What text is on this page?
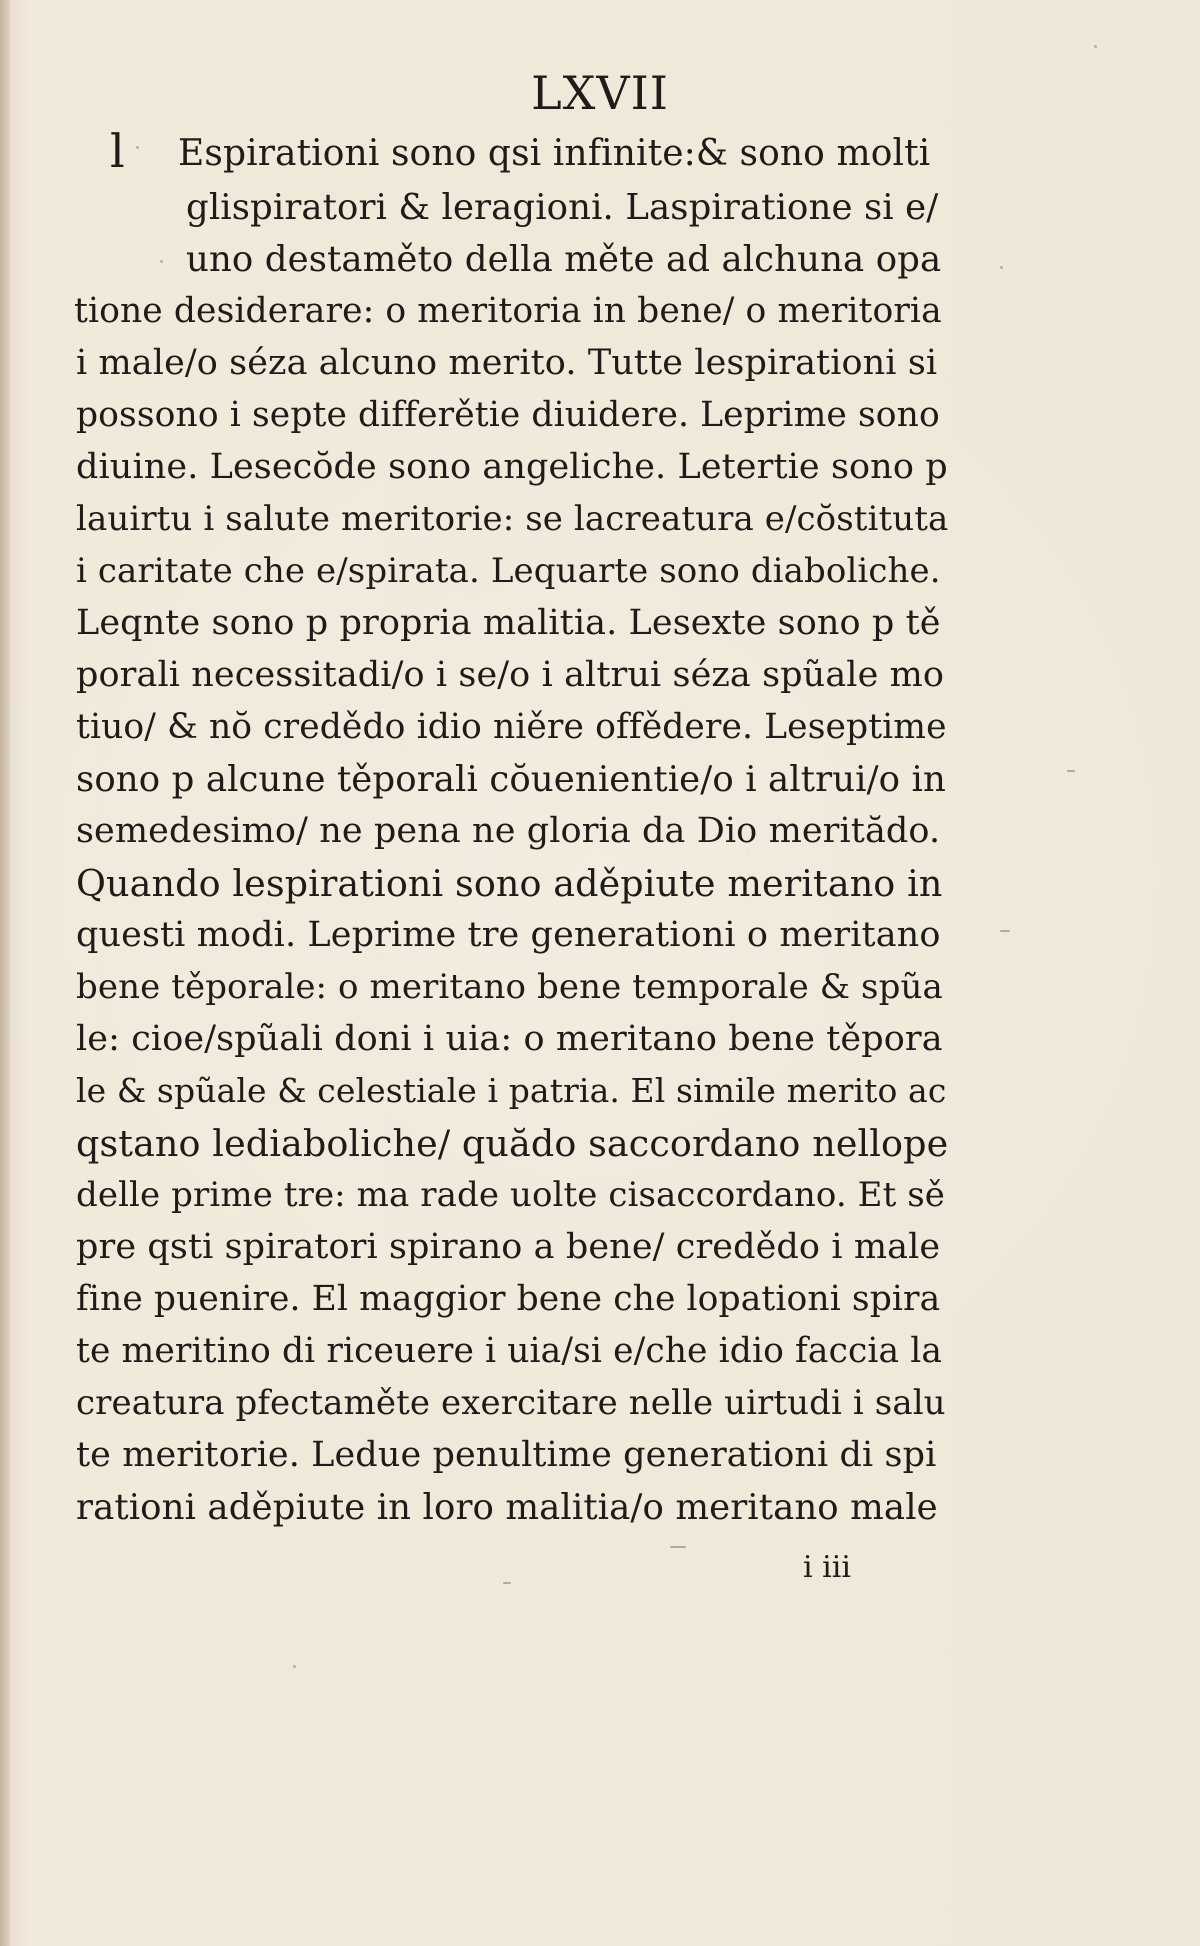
LXVII
l Espirationi sono qsi infinite:& sono molti
glispiratori & leragioni. Laspiratione si e/
uno destaměto della měte ad alchuna opa
tione desiderare: o meritoria in bene/ o meritoria
i male/o séza alcuno merito. Tutte lespirationi si
possono i septe differětie diuidere. Leprime sono
diuine. Lesecŏde sono angeliche. Letertie sono p
lauirtu i salute meritorie: se lacreatura e/cŏstituta
i caritate che e/spirata. Lequarte sono diaboliche.
Leqnte sono p propria malitia. Lesexte sono p tě
porali necessitadi/o i se/o i altrui séza spũale mo
tiuo/ & nŏ credědo idio niěre offědere. Leseptime
sono p alcune těporali cŏuenientie/o i altrui/o in
semedesimo/ ne pena ne gloria da Dio meritădo.
Quando lespirationi sono aděpiute meritano in
questi modi. Leprime tre generationi o meritano
bene těporale: o meritano bene temporale & spũa
le: cioe/spũali doni i uia: o meritano bene těpora
le & spũale & celestiale i patria. El simile merito ac
qstano lediaboliche/ quădo saccordano nellope
delle prime tre: ma rade uolte cisaccordano. Et sě
pre qsti spiratori spirano a bene/ credědo i male
fine puenire. El maggior bene che lopationi spira
te meritino di riceuere i uia/si e/che idio faccia la
creatura pfectaměte exercitare nelle uirtudi i salu
te meritorie. Ledue penultime generationi di spi
rationi aděpiute in loro malitia/o meritano male
i iii
